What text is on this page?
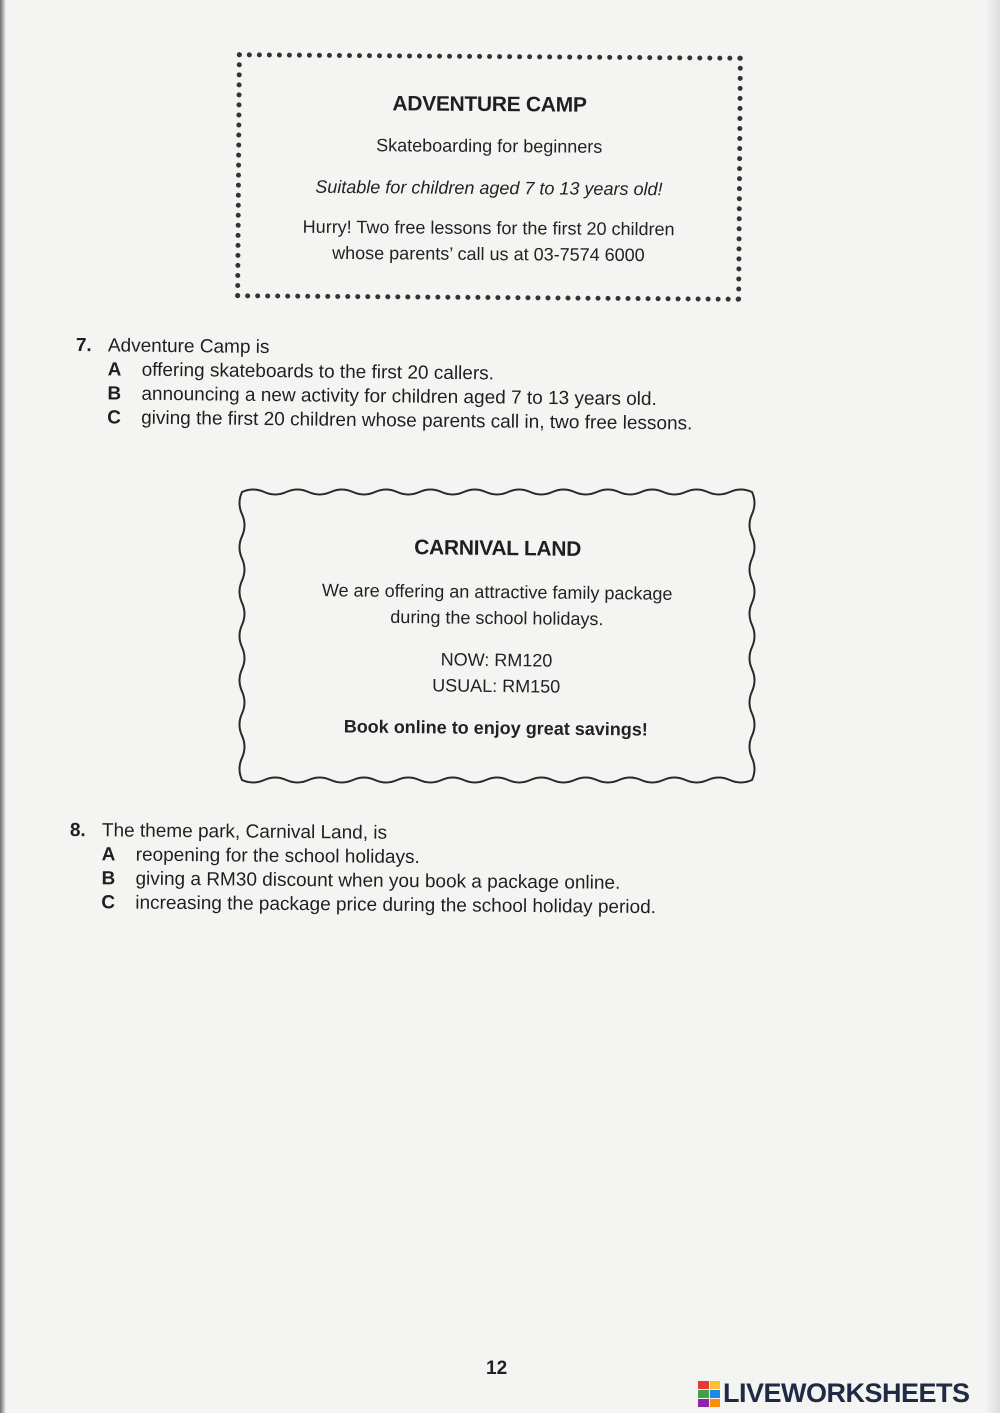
ADVENTURE CAMP
Skateboarding for beginners
Suitable for children aged 7 to 13 years old!
Hurry! Two free lessons for the first 20 children
whose parents’ call us at 03-7574 6000
7. Adventure Camp is
A	offering skateboards to the first 20 callers.
B	announcing a new activity for children aged 7 to 13 years old.
C	giving the first 20 children whose parents call in, two free lessons.
CARNIVAL LAND
We are offering an attractive family package
during the school holidays.
NOW: RM120
USUAL: RM150
Book online to enjoy great savings!
8. The theme park, Carnival Land, is
A	reopening for the school holidays.
B	giving a RM30 discount when you book a package online.
C	increasing the package price during the school holiday period.
12
LIVEWORKSHEETS
